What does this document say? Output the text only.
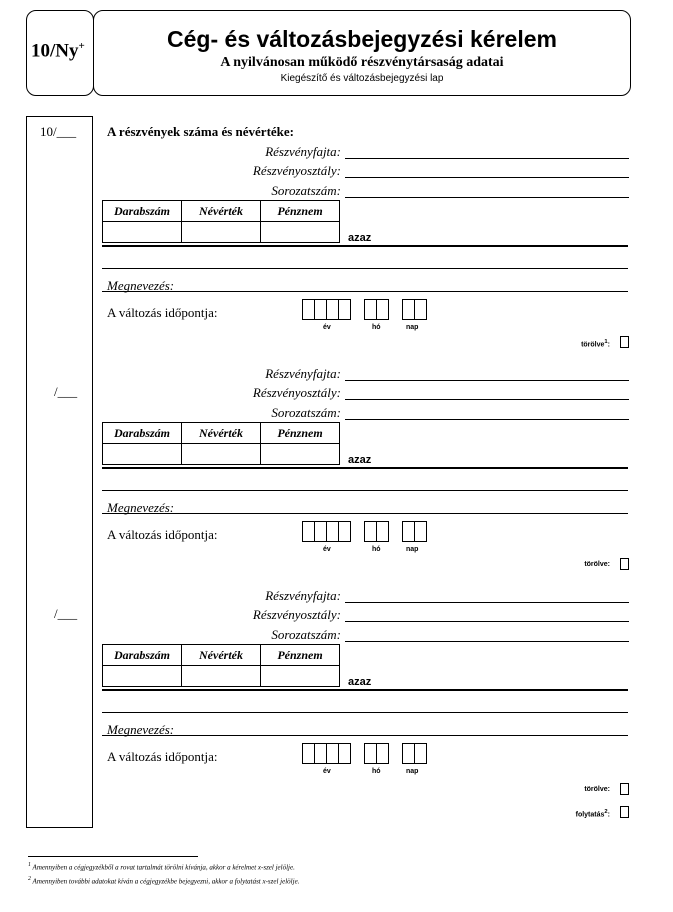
10/Ny+	Cég- és változásbejegyzési kérelem
A nyilvánosan működő részvénytársaság adatai
Kiegészítő és változásbejegyzési lap
10/___
/___
/___
A részvények száma és névértéke:
Részvényfajta:
Részvényosztály:
Sorozatszám:
Darabszám	Névérték	Pénznem

azaz
Megnevezés:
A változás időpontja:
év	hó	nap
törölve$^1$:
Részvényfajta:
Részvényosztály:
Sorozatszám:
Darabszám	Névérték	Pénznem

azaz
Megnevezés:
A változás időpontja:
év	hó	nap
törölve:
Részvényfajta:
Részvényosztály:
Sorozatszám:
Darabszám	Névérték	Pénznem

azaz
Megnevezés:
A változás időpontja:
év	hó	nap
törölve:
folytatás$^2$:
$^1$ Amennyiben a cégjegyzékből a rovat tartalmát törölni kívánja, akkor a kérelmet x-szel jelölje.
$^2$ Amennyiben további adatokat kíván a cégjegyzékbe bejegyezni, akkor a folytatást x-szel jelölje.
